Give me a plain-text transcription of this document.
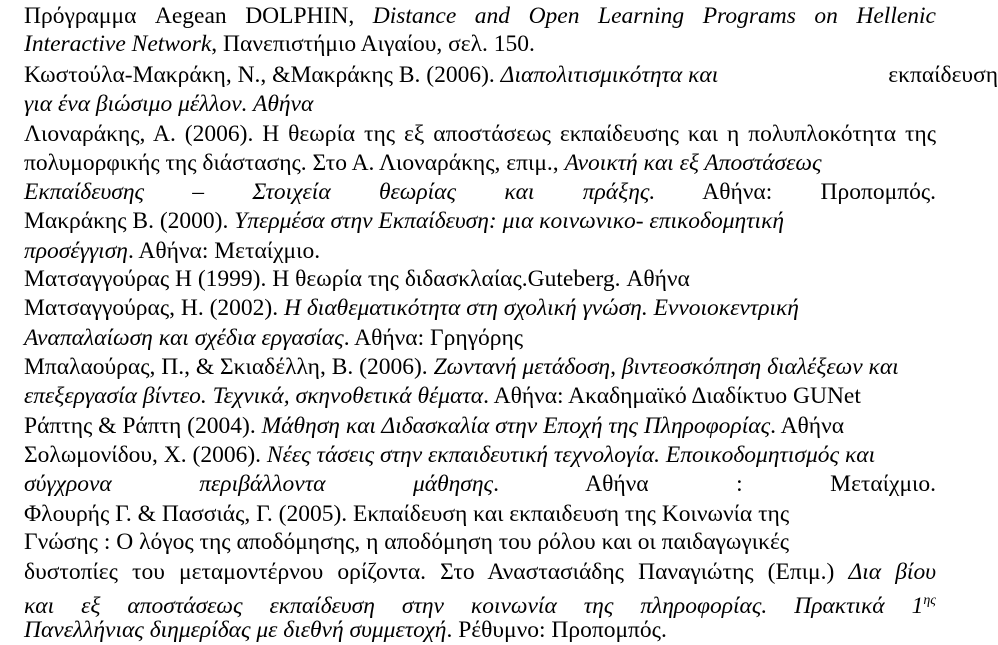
Πρόγραμμα Aegean DOLPHIN, Distance and Open Learning Programs on Hellenic
Interactive Network, Πανεπιστήμιο Αιγαίου, σελ. 150.
Κωστούλα-Μακράκη, Ν., &Μακράκης Β. (2006). Διαπολιτισμικότητα και	εκπαίδευση
για ένα βιώσιμο μέλλον. Αθήνα
Λιοναράκης, Α. (2006). Η θεωρία της εξ αποστάσεως εκπαίδευσης και η πολυπλοκότητα της
πολυμορφικής της διάστασης. Στο Α. Λιοναράκης, επιμ., Ανοικτή και εξ Αποστάσεως
Εκπαίδευσης – Στοιχεία θεωρίας και πράξης. Αθήνα: Προπομπός.
Μακράκης Β. (2000). Υπερμέσα στην Εκπαίδευση: μια κοινωνικο- επικοδομητική
προσέγγιση. Αθήνα: Μεταίχμιο.
Ματσαγγούρας Η (1999). Η θεωρία της διδασκλαίας.Guteberg. Αθήνα
Ματσαγγούρας, Η. (2002). Η διαθεματικότητα στη σχολική γνώση. Εννοιοκεντρική
Αναπαλαίωση και σχέδια εργασίας. Αθήνα: Γρηγόρης
Μπαλαούρας, Π., & Σκιαδέλλη, Β. (2006). Ζωντανή μετάδοση, βιντεοσκόπηση διαλέξεων και
επεξεργασία βίντεο. Τεχνικά, σκηνοθετικά θέματα. Αθήνα: Ακαδημαϊκό Διαδίκτυο GUNet
Ράπτης & Ράπτη (2004). Μάθηση και Διδασκαλία στην Εποχή της Πληροφορίας. Αθήνα
Σολωμονίδου, Χ. (2006). Νέες τάσεις στην εκπαιδευτική τεχνολογία. Εποικοδομητισμός και
σύγχρονα περιβάλλοντα μάθησης. Αθήνα : Μεταίχμιο.
Φλουρής Γ. & Πασσιάς, Γ. (2005). Εκπαίδευση και εκπαιδευση της Κοινωνία της
Γνώσης : Ο λόγος της αποδόμησης, η αποδόμηση του ρόλου και οι παιδαγωγικές
δυστοπίες του μεταμοντέρνου ορίζοντα. Στο Αναστασιάδης Παναγιώτης (Επιμ.) Δια βίου
και εξ αποστάσεως εκπαίδευση στην κοινωνία της πληροφορίας. Πρακτικά $1^{\eta\varsigma}$
Πανελλήνιας διημερίδας με διεθνή συμμετοχή. Ρέθυμνο: Προπομπός.
